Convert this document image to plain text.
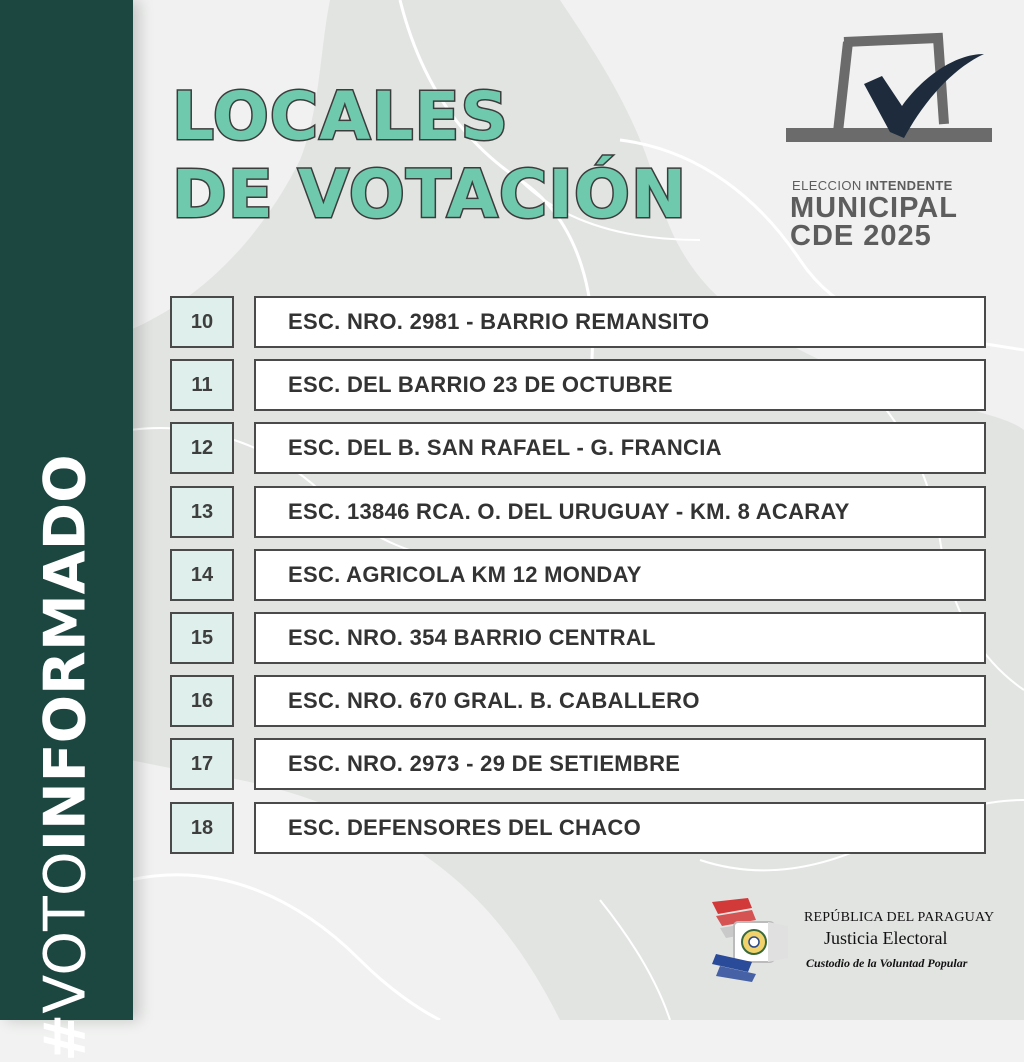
#VOTOINFORMADO
LOCALES
DE VOTACIÓN	ELECCION INTENDENTE
MUNICIPAL
CDE 2025
10	ESC. NRO. 2981 - BARRIO REMANSITO
11	ESC. DEL BARRIO 23 DE OCTUBRE
12	ESC. DEL B. SAN RAFAEL - G. FRANCIA
13	ESC. 13846 RCA. O. DEL URUGUAY - KM. 8 ACARAY
14	ESC. AGRICOLA KM 12 MONDAY
15	ESC. NRO. 354 BARRIO CENTRAL
16	ESC. NRO. 670 GRAL. B. CABALLERO
17	ESC. NRO. 2973 - 29 DE SETIEMBRE
18	ESC. DEFENSORES DEL CHACO
REPÚBLICA DEL PARAGUAY
Justicia Electoral
Custodio de la Voluntad Popular
